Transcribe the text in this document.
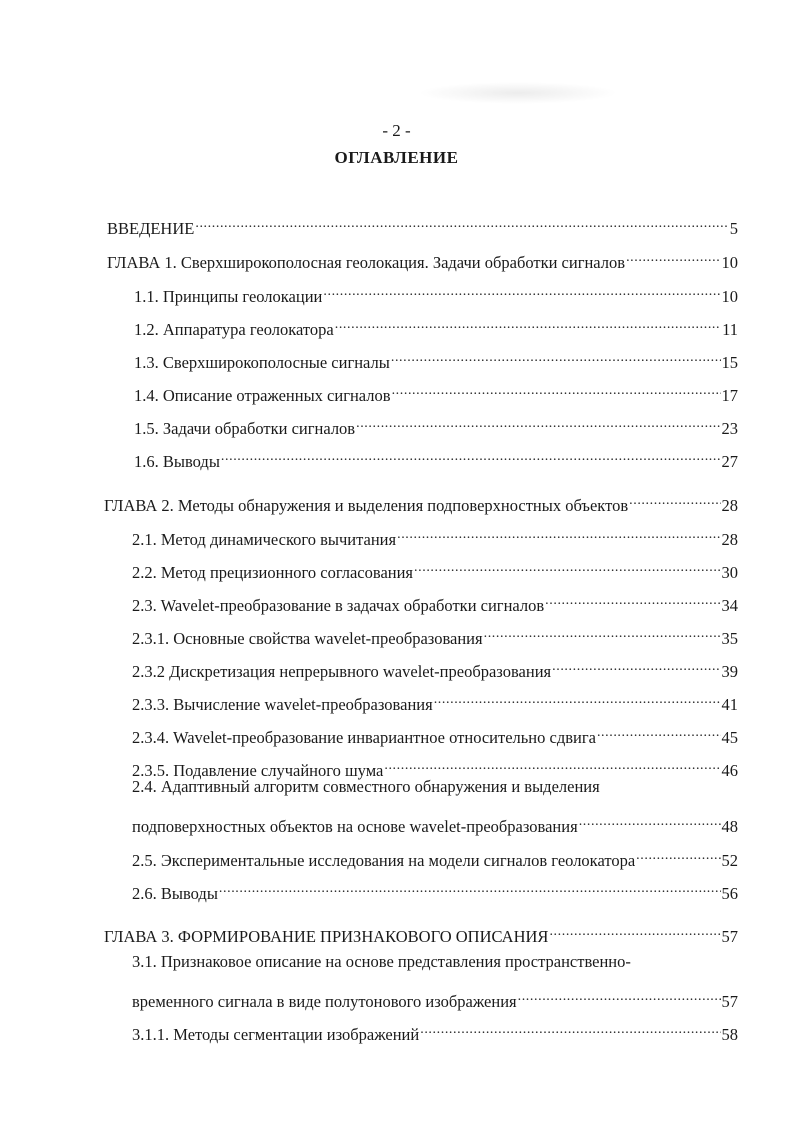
- 2 -
ОГЛАВЛЕНИЕ
ВВЕДЕНИЕ .....	5
ГЛАВА 1. Сверхширокополосная геолокация. Задачи обработки сигналов .....	10
1.1. Принципы геолокации .....	10
1.2. Аппаратура геолокатора .....	11
1.3. Сверхширокополосные сигналы .....	15
1.4. Описание отраженных сигналов .....	17
1.5. Задачи обработки сигналов .....	23
1.6. Выводы .....	27
ГЛАВА 2. Методы обнаружения и выделения подповерхностных объектов .....	28
2.1. Метод динамического вычитания .....	28
2.2. Метод прецизионного согласования .....	30
2.3. Wavelet-преобразование в задачах обработки сигналов .....	34
2.3.1. Основные свойства wavelet-преобразования .....	35
2.3.2 Дискретизация непрерывного wavelet-преобразования .....	39
2.3.3. Вычисление wavelet-преобразования .....	41
2.3.4. Wavelet-преобразование инвариантное относительно сдвига .....	45
2.3.5. Подавление случайного шума .....	46
2.4. Адаптивный алгоритм совместного обнаружения и выделения
подповерхностных объектов на основе wavelet-преобразования .....	48
2.5. Экспериментальные исследования на модели сигналов геолокатора .....	52
2.6. Выводы .....	56
ГЛАВА 3. ФОРМИРОВАНИЕ ПРИЗНАКОВОГО ОПИСАНИЯ .....	57
3.1. Признаковое описание на основе представления пространственно-
временного сигнала в виде полутонового изображения .....	57
3.1.1. Методы сегментации изображений .....	58
